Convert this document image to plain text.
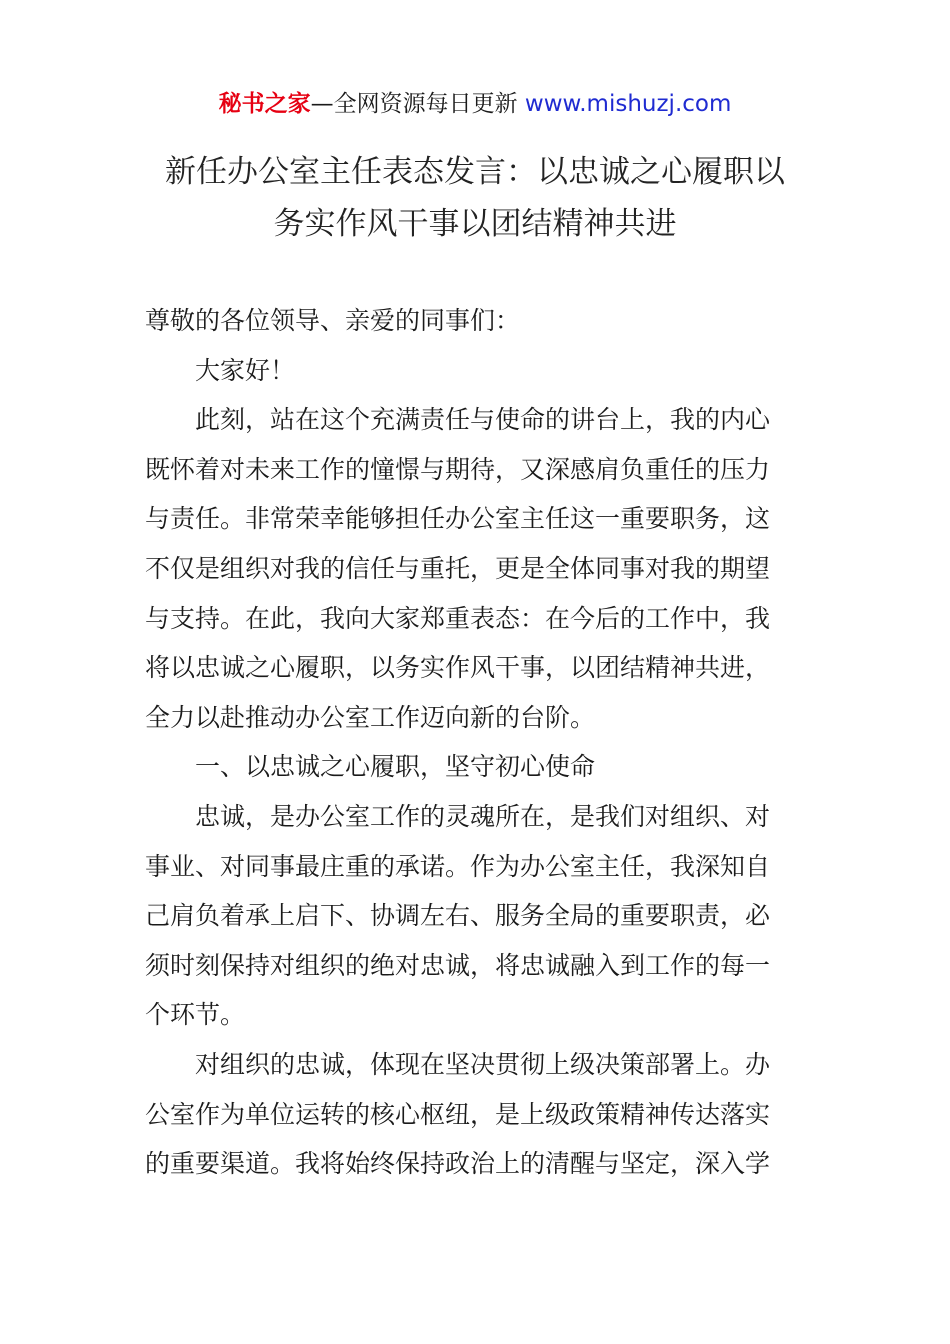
秘书之家—全网资源每日更新 www.mishuzj.com
新任办公室主任表态发言：以忠诚之心履职以
务实作风干事以团结精神共进

尊敬的各位领导、亲爱的同事们：

大家好！

此刻，站在这个充满责任与使命的讲台上，我的内心

既怀着对未来工作的憧憬与期待，又深感肩负重任的压力

与责任。非常荣幸能够担任办公室主任这一重要职务，这

不仅是组织对我的信任与重托，更是全体同事对我的期望

与支持。在此，我向大家郑重表态：在今后的工作中，我

将以忠诚之心履职，以务实作风干事，以团结精神共进，

全力以赴推动办公室工作迈向新的台阶。

一、以忠诚之心履职，坚守初心使命

忠诚，是办公室工作的灵魂所在，是我们对组织、对

事业、对同事最庄重的承诺。作为办公室主任，我深知自

己肩负着承上启下、协调左右、服务全局的重要职责，必

须时刻保持对组织的绝对忠诚，将忠诚融入到工作的每一

个环节。

对组织的忠诚，体现在坚决贯彻上级决策部署上。办

公室作为单位运转的核心枢纽，是上级政策精神传达落实

的重要渠道。我将始终保持政治上的清醒与坚定，深入学
